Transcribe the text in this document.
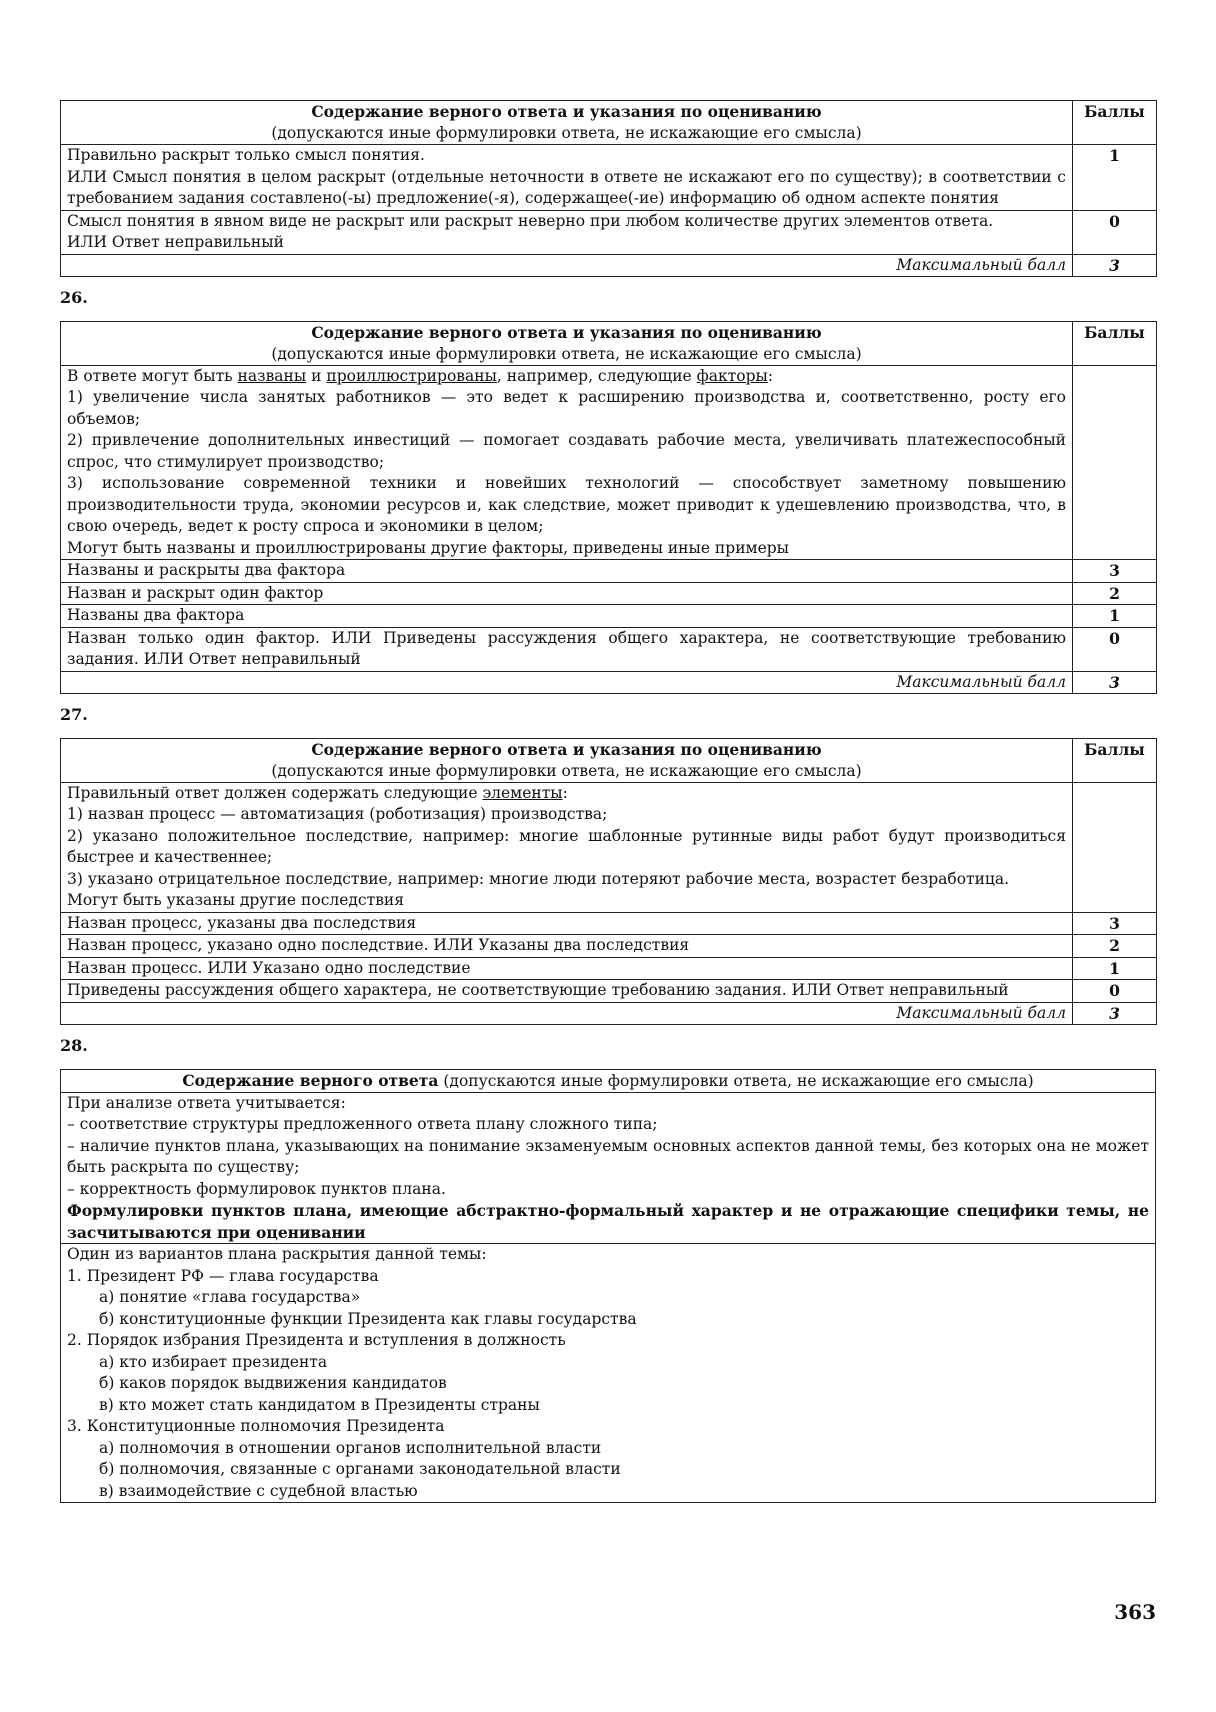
Содержание верного ответа и указания по оцениванию
(допускаются иные формулировки ответа, не искажающие его смысла)	Баллы

Правильно раскрыт только смысл понятия.
ИЛИ Смысл понятия в целом раскрыт (отдельные неточности в ответе не искажают его по существу); в соответствии с требованием задания составлено(-ы) предложение(-я), содержащее(-ие) информацию об одном аспекте понятия	1

Смысл понятия в явном виде не раскрыт или раскрыт неверно при любом количестве других элементов ответа.
ИЛИ Ответ неправильный	0
Максимальный балл	3
26.
Содержание верного ответа и указания по оцениванию
(допускаются иные формулировки ответа, не искажающие его смысла)	Баллы

В ответе могут быть названы и проиллюстрированы, например, следующие факторы:
1) увеличение числа занятых работников — это ведет к расширению производства и, соответственно, росту его объемов;
2) привлечение дополнительных инвестиций — помогает создавать рабочие места, увеличивать платежеспособный спрос, что стимулирует производство;
3) использование современной техники и новейших технологий — способствует заметному повышению производительности труда, экономии ресурсов и, как следствие, может приводит к удешевлению производства, что, в свою очередь, ведет к росту спроса и экономики в целом;
Могут быть названы и проиллюстрированы другие факторы, приведены иные примеры	

Названы и раскрыты два фактора	3
Назван и раскрыт один фактор	2
Названы два фактора	1
Назван только один фактор. ИЛИ Приведены рассуждения общего характера, не соответствующие требованию задания. ИЛИ Ответ неправильный	0
Максимальный балл	3
27.
Содержание верного ответа и указания по оцениванию
(допускаются иные формулировки ответа, не искажающие его смысла)	Баллы

Правильный ответ должен содержать следующие элементы:
1) назван процесс — автоматизация (роботизация) производства;
2) указано положительное последствие, например: многие шаблонные рутинные виды работ будут производиться быстрее и качественнее;
3) указано отрицательное последствие, например: многие люди потеряют рабочие места, возрастет безработица.
Могут быть указаны другие последствия	

Назван процесс, указаны два последствия	3
Назван процесс, указано одно последствие. ИЛИ Указаны два последствия	2
Назван процесс. ИЛИ Указано одно последствие	1
Приведены рассуждения общего характера, не соответствующие требованию задания. ИЛИ Ответ неправильный	0
Максимальный балл	3
28.
Содержание верного ответа (допускаются иные формулировки ответа, не искажающие его смысла)

При анализе ответа учитывается:
– соответствие структуры предложенного ответа плану сложного типа;
– наличие пунктов плана, указывающих на понимание экзаменуемым основных аспектов данной темы, без которых она не может быть раскрыта по существу;
– корректность формулировок пунктов плана.
Формулировки пунктов плана, имеющие абстрактно-формальный характер и не отражающие специфики темы, не засчитываются при оценивании

Один из вариантов плана раскрытия данной темы:
1. Президент РФ — глава государства
а) понятие «глава государства»
б) конституционные функции Президента как главы государства
2. Порядок избрания Президента и вступления в должность
а) кто избирает президента
б) каков порядок выдвижения кандидатов
в) кто может стать кандидатом в Президенты страны
3. Конституционные полномочия Президента
а) полномочия в отношении органов исполнительной власти
б) полномочия, связанные с органами законодательной власти
в) взаимодействие с судебной властью
363
